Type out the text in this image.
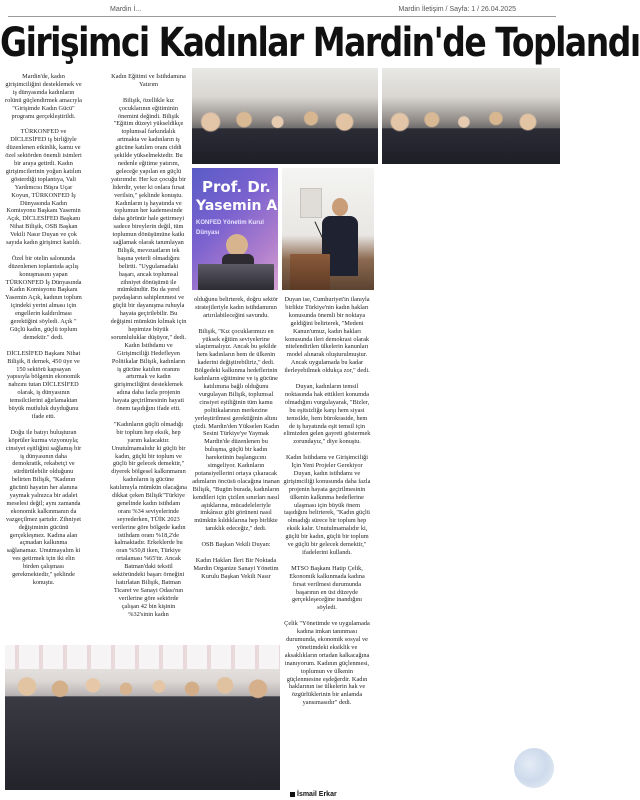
Mardin İ...	Mardin İletişim / Sayfa: 1 / 26.04.2025
Girişimci Kadınlar Mardin'de Toplandı
Mardin'de, kadın girişimciliğini desteklemek ve iş dünyasında kadınların rolünü güçlendirmek amacıyla "Girişimde Kadın Gücü" programı gerçekleştirildi.

TÜRKONFED ve DİCLESİFED iş birliğiyle düzenlenen etkinlik, kamu ve özel sektörden önemli isimleri bir araya getirdi. Kadın girişimcilerinin yoğun katılım gösterdiği toplantıya, Vali Yardımcısı Büşra Uçar Koyun, TÜRKONFED İş Dünyasında Kadın Komisyonu Başkanı Yasemin Açık, DİCLESİFED Başkanı Nihat Bilişik, OSB Başkan Vekili Nasır Duyan ve çok sayıda kadın girişimci katıldı.

Özel bir otelin salonunda düzenlenen toplantıda açılış konuşmasını yapan TÜRKONFED İş Dünyasında Kadın Komisyonu Başkanı Yasemin Açık, kadının toplum içindeki yerini alması için engellerin kaldırılması gerektiğini söyledi. Açık " Güçlü kadın, güçlü toplum demektir." dedi.

DİCLESİFED Başkanı Nihat Bilişik, 8 dernek, 450 üye ve 150 sektörü kapsayan yapısıyla bölgenin ekonomik nabzını tutan DİCLESİFED olarak, iş dünyasının temsilcilerini ağırlamaktan büyük mutluluk duyduğunu ifade etti.

Doğu ile batıyı buluşturan köprüler kurma vizyonuyla; cinsiyet eşitliğini sağlamış bir iş dünyasının daha demokratik, rekabetçi ve sürdürülebilir olduğunu belirten Bilişik, "Kadının gücünü hayatın her alanına yaymak yalnızca bir adalet meselesi değil; aynı zamanda ekonomik kalkınmanın da vazgeçilmez şartıdır. Zihniyet değişiminin gücünü gerçekleşmez. Kadına alan açmadan kalkınma sağlanamaz. Unutmayalım ki ves getirmek için iki elin birden çalışması gerekmektedir," şeklinde konuştu.
Kadın Eğitimi ve İstihdamına Yatırım

Bilişik, özellikle kız çocuklarının eğitiminin önemini değindi. Bilişik "Eğitim düzeyi yükseldikçe toplumsal farkındalık artmakta ve kadınların iş gücüne katılım oranı ciddi şekilde yükselmektedir. Bu nedenle eğitime yatırım, geleceğe yapılan en güçlü yatırımdır. Her kız çocuğu bir liderdir, yeter ki onlara fırsat verilsin," şeklinde konuştu. Kadınların iş hayatında ve toplumun her kademesinde daha görünür hale getirmeyi sadece bireylerin değil, tüm toplumun dönüşümüne katkı sağlamak olarak tanımlayan Bilişik, mevzuatların tek başına yeterli olmadığını belirtti. "Uygulamadaki başarı, ancak toplumsal zihniyet dönüşümü ile mümkündür. Bu da yerel paydaşların sahiplenmesi ve güçlü bir dayanışma ruhuyla hayata geçirilebilir. Bu değişimi mümkün kılmak için hepimize büyük sorumluluklar düşüyor," dedi. Kadın İstihdamı ve Girişimciliği Hedefleyen Politikalar Bilişik, kadınların iş gücüne katılım oranını artırmak ve kadın girişimciliğini desteklemek adına daha fazla projenin hayata geçirilmesinin hayati önem taşıdığını ifade etti.

"Kadınların güçlü olmadığı bir toplum hep eksik, hep yarım kalacaktır. Unutulmamalıdır ki güçlü bir kadın, güçlü bir toplum ve güçlü bir gelecek demektir," diyerek bölgesel kalkınmanın kadınların iş gücüne katılımıyla mümkün olacağına dikkat çeken Bilişik"Türkiye genelinde kadın istihdam oranı %34 seviyelerinde seyrederken, TÜİK 2023 verilerine göre bölgede kadın istihdam oranı %18,2'de kalmaktadır. Erkeklerde bu oran %50,8 iken, Türkiye ortalaması %65'tir. Ancak Batman'daki tekstil sektöründeki başarı örneğini hatırlatan Bilişik, Batman Ticaret ve Sanayi Odası'nın verilerine göre sektörde çalışan 42 bin kişinin %32'sinin kadın
olduğunu belirterek, doğru sektör stratejileriyle kadın istihdamının artırılabileceğini savundu.

Bilişik, "Kız çocuklarımızı en yüksek eğitim seviyelerine ulaştırmalıyız. Ancak bu şekilde hem kadınların hem de ülkenin kaderini değiştirebiliriz," dedi. Bölgedeki kalkınma hedeflerinin kadınların eğitimine ve iş gücüne katılımına bağlı olduğunu vurgulayan Bilişik, toplumsal cinsiyet eşitliğinin tüm kamu politikalarının merkezine yerleştirilmesi gerektiğinin altını çizdi. Mardin'den Yükselen Kadın Sesini Türkiye'ye Yaymak Mardin'de düzenlenen bu buluşma, güçlü bir kadın hareketinin başlangıcını simgeliyor. Kadınların potansiyellerini ortaya çıkaracak adımların öncüsü olacağına inanan Bilişik, "Bugün burada, kadınların kendileri için çizilen sınırları nasıl aştıklarına, mücadeleleriyle imkânsız gibi görüneni nasıl mümkün kıldıklarına hep birlikte tanıklık edeceğiz," dedi.

OSB Başkan Vekili Duyan:

Kadın Hakları İleri Bir Noktada Mardin Organize Sanayi Yönetim Kurulu Başkan Vekili Nasır
Duyan ise, Cumhuriyet'in ilanıyla birlikte Türkiye'nin kadın hakları konusunda önemli bir noktaya geldiğini belirterek, "Medeni Kanun'umuz, kadın hakları konusunda ileri demokrasi olarak nitelendirilen ülkelerin kanunları model alınarak oluşturulmuştur. Ancak uygulamada bu kadar ilerleyebilmek oldukça zor," dedi.

Duyan, kadınların temsil noktasında hak ettikleri konumda olmadığını vurgulayarak, "Bizler, bu eşitsizliğe karşı hem siyasi temsilde, hem bürokraside, hem de iş hayatında eşit temsil için elimizden gelen gayreti göstermek zorundayız," diye konuştu.

Kadın İstihdamı ve Girişimciliği İçin Yeni Projeler Gerekiyor Duyan, kadın istihdamı ve girişimciliği konusunda daha fazla projenin hayata geçirilmesinin ülkenin kalkınma hedeflerine ulaşması için büyük önem taşıdığını belirterek, "Kadın güçlü olmadığı sürece bir toplum hep eksik kalır. Unutulmamalıdır ki, güçlü bir kadın, güçlü bir toplum ve güçlü bir gelecek demektir," ifadelerini kullandı.

MTSO Başkanı Hatip Çelik, Ekonomik kalkınmada kadına fırsat verilmesi durumunda başarının en üst düzeyde gerçekleşeceğine inandığını söyledi.

Çelik "Yönetimde ve uygulamada kadına imkan tanınması durumunda, ekonomik sosyal ve yönetimdeki eksiklik ve aksaklıkların ortadan kalkacağına inanıyorum. Kadının güçlenmesi, toplumun ve ülkenin güçlenmesine eşdeğerdir. Kadın haklarının ise ülkelerin hak ve özgürlüklerinin bir anlamda yansımasıdır" dedi.
Prof. Dr.
Yasemin A
KONFED Yönetim Kurul
Dünyası
İsmail Erkar
